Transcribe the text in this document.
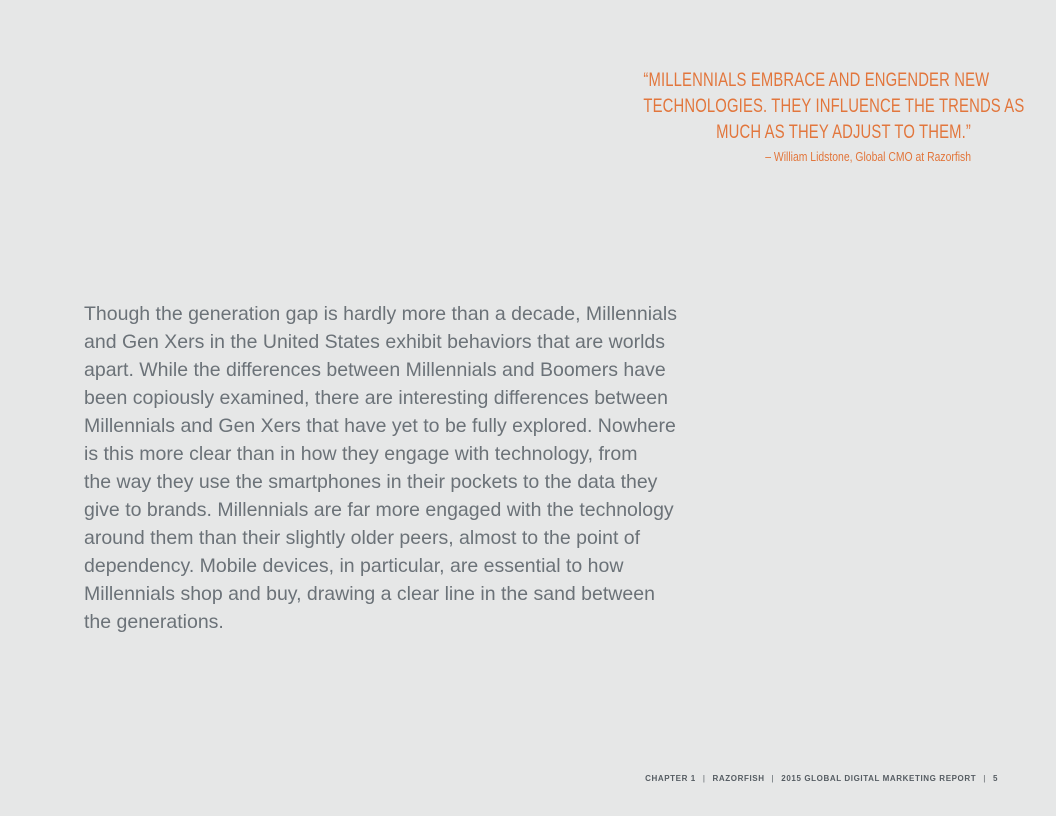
“MILLENNIALS EMBRACE AND ENGENDER NEW
TECHNOLOGIES. THEY INFLUENCE THE TRENDS AS
MUCH AS THEY ADJUST TO THEM.”
– William Lidstone, Global CMO at Razorfish
Though the generation gap is hardly more than a decade, Millennials
and Gen Xers in the United States exhibit behaviors that are worlds
apart. While the differences between Millennials and Boomers have
been copiously examined, there are interesting differences between
Millennials and Gen Xers that have yet to be fully explored. Nowhere
is this more clear than in how they engage with technology, from
the way they use the smartphones in their pockets to the data they
give to brands. Millennials are far more engaged with the technology
around them than their slightly older peers, almost to the point of
dependency. Mobile devices, in particular, are essential to how
Millennials shop and buy, drawing a clear line in the sand between
the generations.
CHAPTER 1 | RAZORFISH | 2015 GLOBAL DIGITAL MARKETING REPORT | 5
